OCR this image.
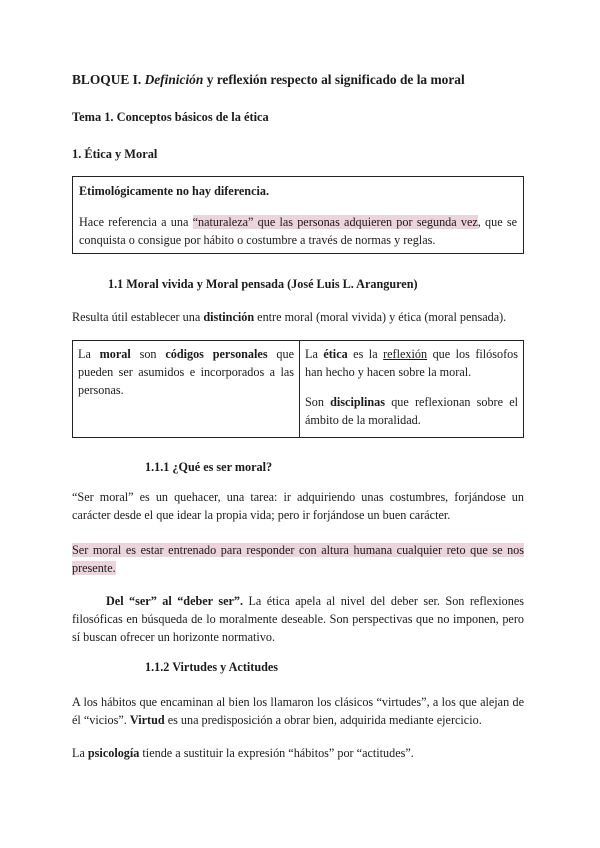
BLOQUE I. Definición y reflexión respecto al significado de la moral
Tema 1. Conceptos básicos de la ética
1. Ética y Moral

Etimológicamente no hay diferencia.

Hace referencia a una “naturaleza” que las personas adquieren por segunda vez, que se conquista o consigue por hábito o costumbre a través de normas y reglas.

1.1 Moral vivida y Moral pensada (José Luis L. Aranguren)
Resulta útil establecer una distinción entre moral (moral vivida) y ética (moral pensada).

La moral son códigos personales que pueden ser asumidos e incorporados a las personas.

La ética es la reflexión que los filósofos han hecho y hacen sobre la moral.

Son disciplinas que reflexionan sobre el ámbito de la moralidad.

1.1.1 ¿Qué es ser moral?
“Ser moral” es un quehacer, una tarea: ir adquiriendo unas costumbres, forjándose un carácter desde el que idear la propia vida; pero ir forjándose un buen carácter.
Ser moral es estar entrenado para responder con altura humana cualquier reto que se nos presente.
Del “ser” al “deber ser”. La ética apela al nivel del deber ser. Son reflexiones filosóficas en búsqueda de lo moralmente deseable. Son perspectivas que no imponen, pero sí buscan ofrecer un horizonte normativo.
1.1.2 Virtudes y Actitudes
A los hábitos que encaminan al bien los llamaron los clásicos “virtudes”, a los que alejan de él “vicios”. Virtud es una predisposición a obrar bien, adquirida mediante ejercicio.
La psicología tiende a sustituir la expresión “hábitos” por “actitudes”.
